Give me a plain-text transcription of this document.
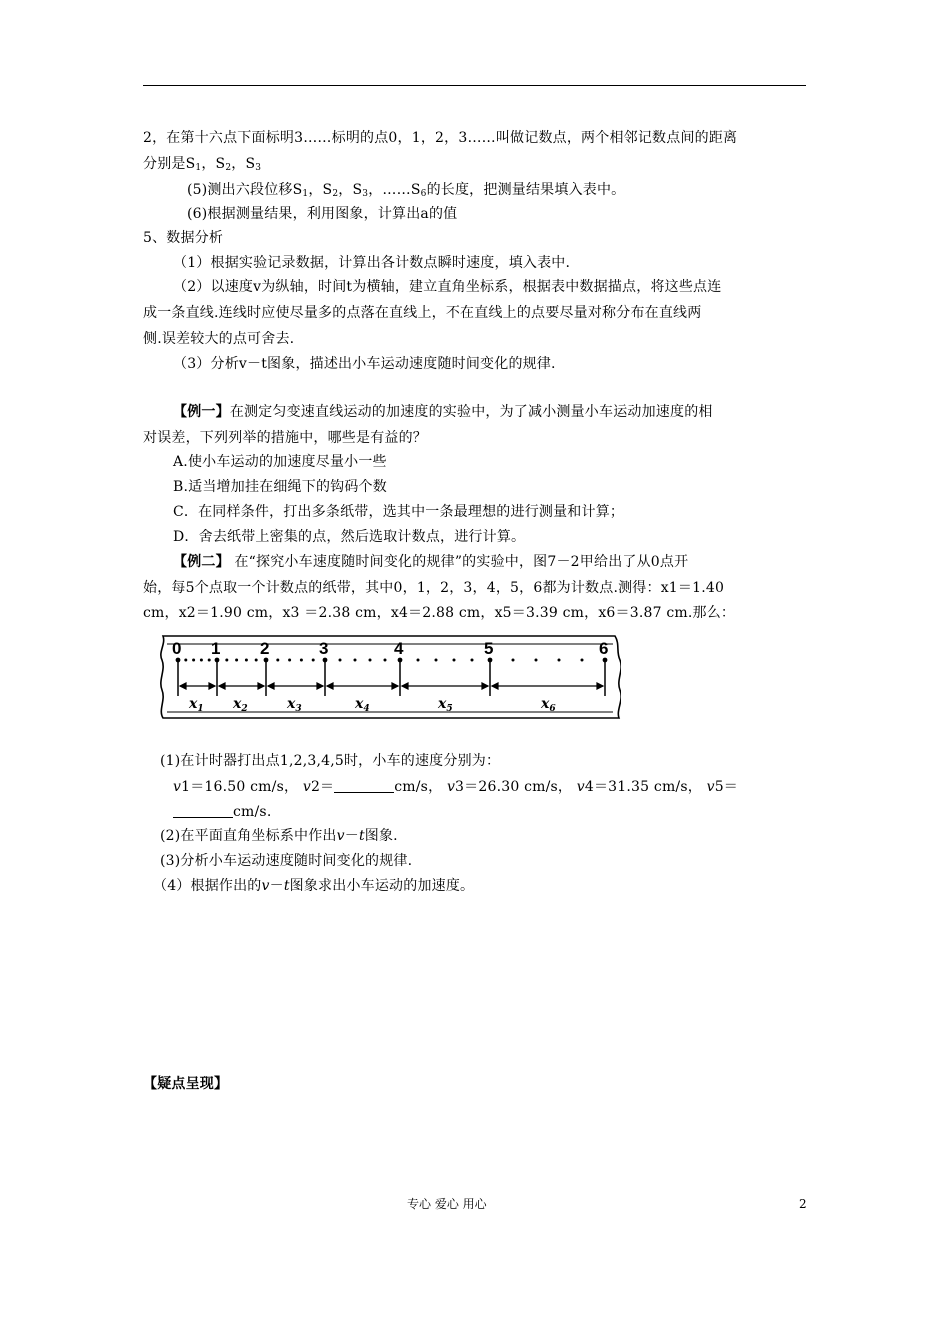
2，在第十六点下面标明3……标明的点0，1，2，3……叫做记数点，两个相邻记数点间的距离
分别是$S_1$，$S_2$，$S_3$
(5)测出六段位移$S_1$，$S_2$，$S_3$，$\dots\dots S_6$的长度，把测量结果填入表中。
(6)根据测量结果，利用图象，计算出a的值
5、数据分析
（1）根据实验记录数据，计算出各计数点瞬时速度，填入表中.
（2）以速度v为纵轴，时间t为横轴，建立直角坐标系，根据表中数据描点，将这些点连
成一条直线.连线时应使尽量多的点落在直线上，不在直线上的点要尽量对称分布在直线两
侧.误差较大的点可舍去.
（3）分析v－t图象，描述出小车运动速度随时间变化的规律.
【例一】在测定匀变速直线运动的加速度的实验中，为了减小测量小车运动加速度的相
对误差，下列列举的措施中，哪些是有益的？
A.使小车运动的加速度尽量小一些
B.适当增加挂在细绳下的钩码个数
C．在同样条件，打出多条纸带，选其中一条最理想的进行测量和计算；
D．舍去纸带上密集的点，然后选取计数点，进行计算。
【例二】 在“探究小车速度随时间变化的规律”的实验中，图7－2甲给出了从0点开
始，每5个点取一个计数点的纸带，其中0，1，2，3，4，5，6都为计数点.测得：x1＝1.40
cm，x2＝1.90 cm，x3 ＝2.38 cm，x4＝2.88 cm，x5＝3.39 cm，x6＝3.87 cm.那么：
0 1 2	3	4	5	6
$x_1$ $x_2$	$x_3$	$x_4$	$x_5$	$x_6$
(1)在计时器打出点1,2,3,4,5时，小车的速度分别为：
v1＝16.50 cm/s， v2＝	cm/s， v3＝26.30 cm/s， v4＝31.35 cm/s， v5＝
cm/s.
(2)在平面直角坐标系中作出v－t图象.
(3)分析小车运动速度随时间变化的规律.
（4）根据作出的v－t图象求出小车运动的加速度。
【疑点呈现】
专心 爱心 用心	2
